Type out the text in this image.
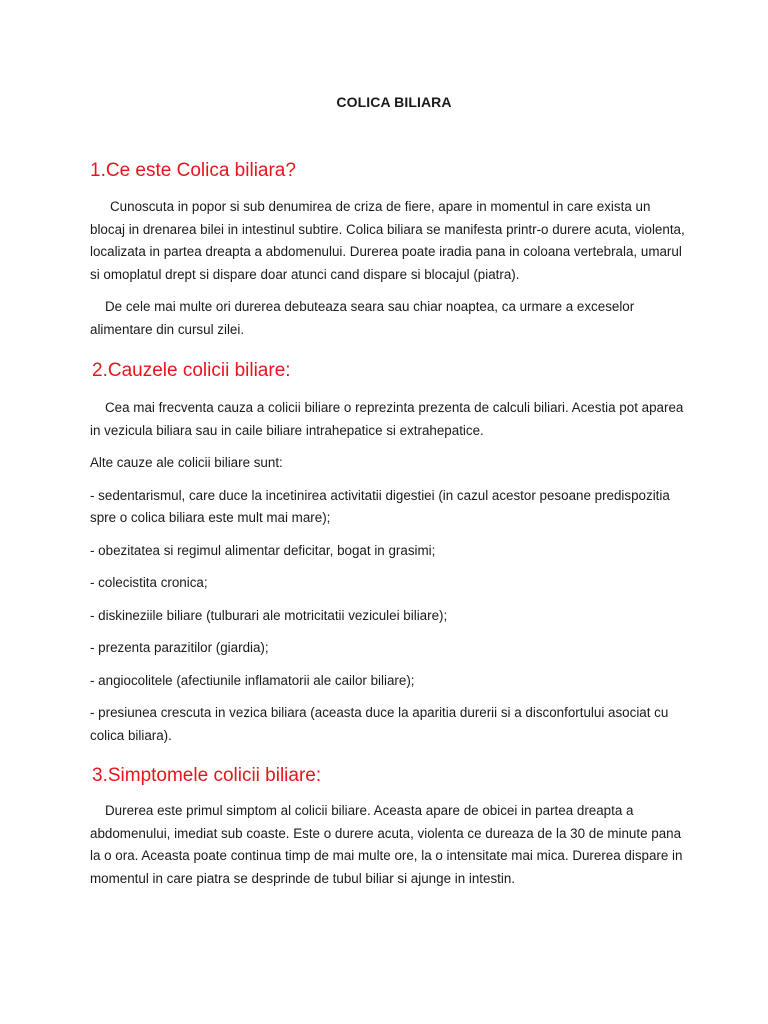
COLICA BILIARA
1.Ce este Colica biliara?

Cunoscuta in popor si sub denumirea de criza de fiere, apare in momentul in care exista un blocaj in drenarea bilei in intestinul subtire. Colica biliara se manifesta printr-o durere acuta, violenta, localizata in partea dreapta a abdomenului. Durerea poate iradia pana in coloana vertebrala, umarul si omoplatul drept si dispare doar atunci cand dispare si blocajul (piatra).

De cele mai multe ori durerea debuteaza seara sau chiar noaptea, ca urmare a exceselor alimentare din cursul zilei.

2.Cauzele colicii biliare:

Cea mai frecventa cauza a colicii biliare o reprezinta prezenta de calculi biliari. Acestia pot aparea in vezicula biliara sau in caile biliare intrahepatice si extrahepatice.

Alte cauze ale colicii biliare sunt:

- sedentarismul, care duce la incetinirea activitatii digestiei (in cazul acestor pesoane predispozitia spre o colica biliara este mult mai mare);

- obezitatea si regimul alimentar deficitar, bogat in grasimi;

- colecistita cronica;

- diskineziile biliare (tulburari ale motricitatii veziculei biliare);

- prezenta parazitilor (giardia);

- angiocolitele (afectiunile inflamatorii ale cailor biliare);

- presiunea crescuta in vezica biliara (aceasta duce la aparitia durerii si a disconfortului asociat cu colica biliara).

3.Simptomele colicii biliare:

Durerea este primul simptom al colicii biliare. Aceasta apare de obicei in partea dreapta a abdomenului, imediat sub coaste. Este o durere acuta, violenta ce dureaza de la 30 de minute pana la o ora. Aceasta poate continua timp de mai multe ore, la o intensitate mai mica. Durerea dispare in momentul in care piatra se desprinde de tubul biliar si ajunge in intestin.
